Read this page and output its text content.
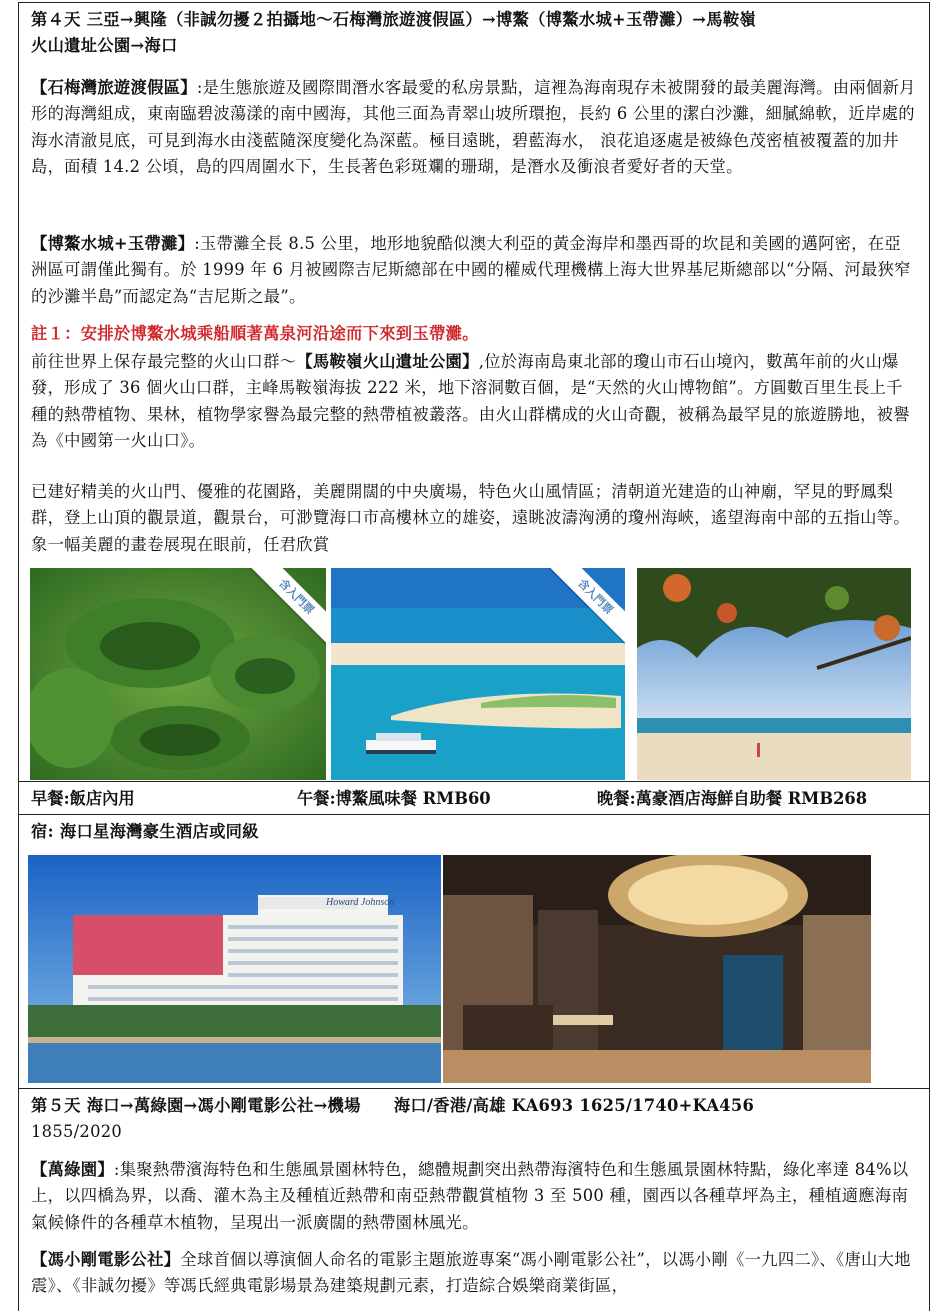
第４天 三亞→興隆（非誠勿擾２拍攝地～石梅灣旅遊渡假區）→博鰲（博鰲水城+玉帶灘）→馬鞍嶺
火山遺址公園→海口
【石梅灣旅遊渡假區】:是生態旅遊及國際間潛水客最愛的私房景點，這裡為海南現存未被開發的最美麗海灣。由兩個新月形的海灣組成，東南臨碧波蕩漾的南中國海，其他三面為青翠山坡所環抱，長約 6 公里的潔白沙灘，細膩綿軟，近岸處的海水清澈見底，可見到海水由淺藍隨深度變化為深藍。極目遠眺，碧藍海水， 浪花追逐處是被綠色茂密植被覆蓋的加井島，面積 14.2 公頃，島的四周圍水下，生長著色彩斑斕的珊瑚，是潛水及衝浪者愛好者的天堂。
【博鰲水城+玉帶灘】:玉帶灘全長 8.5 公里，地形地貌酷似澳大利亞的黃金海岸和墨西哥的坎昆和美國的邁阿密，在亞洲區可謂僅此獨有。於 1999 年 6 月被國際吉尼斯總部在中國的權威代理機構上海大世界基尼斯總部以“分隔、河最狹窄的沙灘半島”而認定為“吉尼斯之最”。
註１：安排於博鰲水城乘船順著萬泉河沿途而下來到玉帶灘。
前往世界上保存最完整的火山口群～【馬鞍嶺火山遺址公園】,位於海南島東北部的瓊山市石山境內，數萬年前的火山爆發，形成了 36 個火山口群，主峰馬鞍嶺海拔 222 米，地下溶洞數百個，是“天然的火山博物館”。方圓數百里生長上千種的熱帶植物、果林，植物學家譽為最完整的熱帶植被叢落。由火山群構成的火山奇觀，被稱為最罕見的旅遊勝地，被譽為《中國第一火山口》。
已建好精美的火山門、優雅的花園路，美麗開闊的中央廣場，特色火山風情區；清朝道光建造的山神廟，罕見的野鳳梨群，登上山頂的觀景道，觀景台，可渺覽海口市高樓林立的雄姿，遠眺波濤洶湧的瓊州海峽，遙望海南中部的五指山等。象一幅美麗的畫卷展現在眼前，任君欣賞
含入門票	含入門票
早餐:飯店內用	午餐:博鰲風味餐 RMB60	晚餐:萬豪酒店海鮮自助餐 RMB268
宿: 海口星海灣豪生酒店或同級
Howard Johnson
第５天 海口→萬綠園→馮小剛電影公社→機場　　海口/香港/高雄 KA693 1625/1740+KA456
1855/2020
【萬綠園】:集聚熱帶濱海特色和生態風景園林特色，總體規劃突出熱帶海濱特色和生態風景園林特點，綠化率達 84%以上，以四橋為界，以喬、灌木為主及種植近熱帶和南亞熱帶觀賞植物 3 至 500 種，園西以各種草坪為主，種植適應海南氣候條件的各種草木植物，呈現出一派廣闊的熱帶園林風光。
【馮小剛電影公社】全球首個以導演個人命名的電影主題旅遊專案“馮小剛電影公社”，以馮小剛《一九四二》、《唐山大地震》、《非誠勿擾》等馮氏經典電影場景為建築規劃元素，打造綜合娛樂商業街區，
